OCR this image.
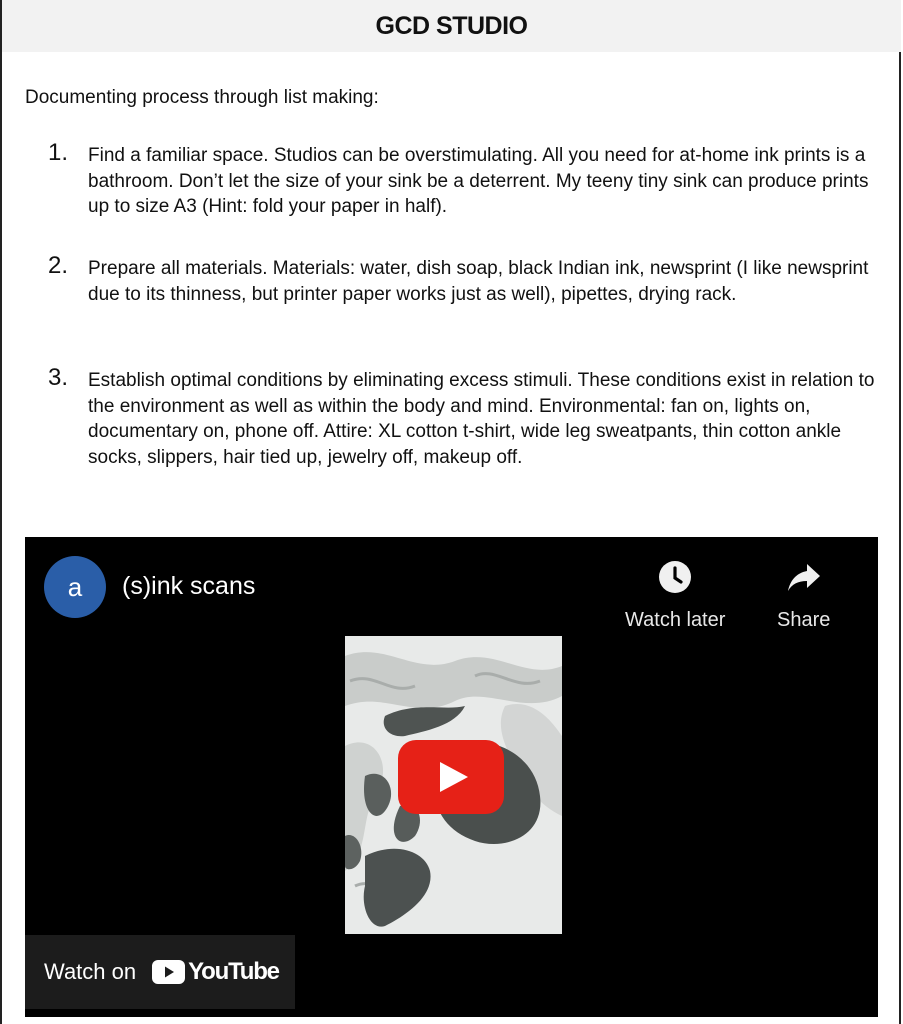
GCD STUDIO
Documenting process through list making:
1.	Find a familiar space. Studios can be overstimulating. All you need for at-home ink prints is a bathroom. Don’t let the size of your sink be a deterrent. My teeny tiny sink can produce prints up to size A3 (Hint: fold your paper in half).
2.	Prepare all materials. Materials: water, dish soap, black Indian ink, newsprint (I like newsprint due to its thinness, but printer paper works just as well), pipettes, drying rack.
3.	Establish optimal conditions by eliminating excess stimuli. These conditions exist in relation to the environment as well as within the body and mind. Environmental: fan on, lights on, documentary on, phone off. Attire: XL cotton t-shirt, wide leg sweatpants, thin cotton ankle socks, slippers, hair tied up, jewelry off, makeup off.
a (s)ink scans
Watch later	Share
Watch on YouTube
